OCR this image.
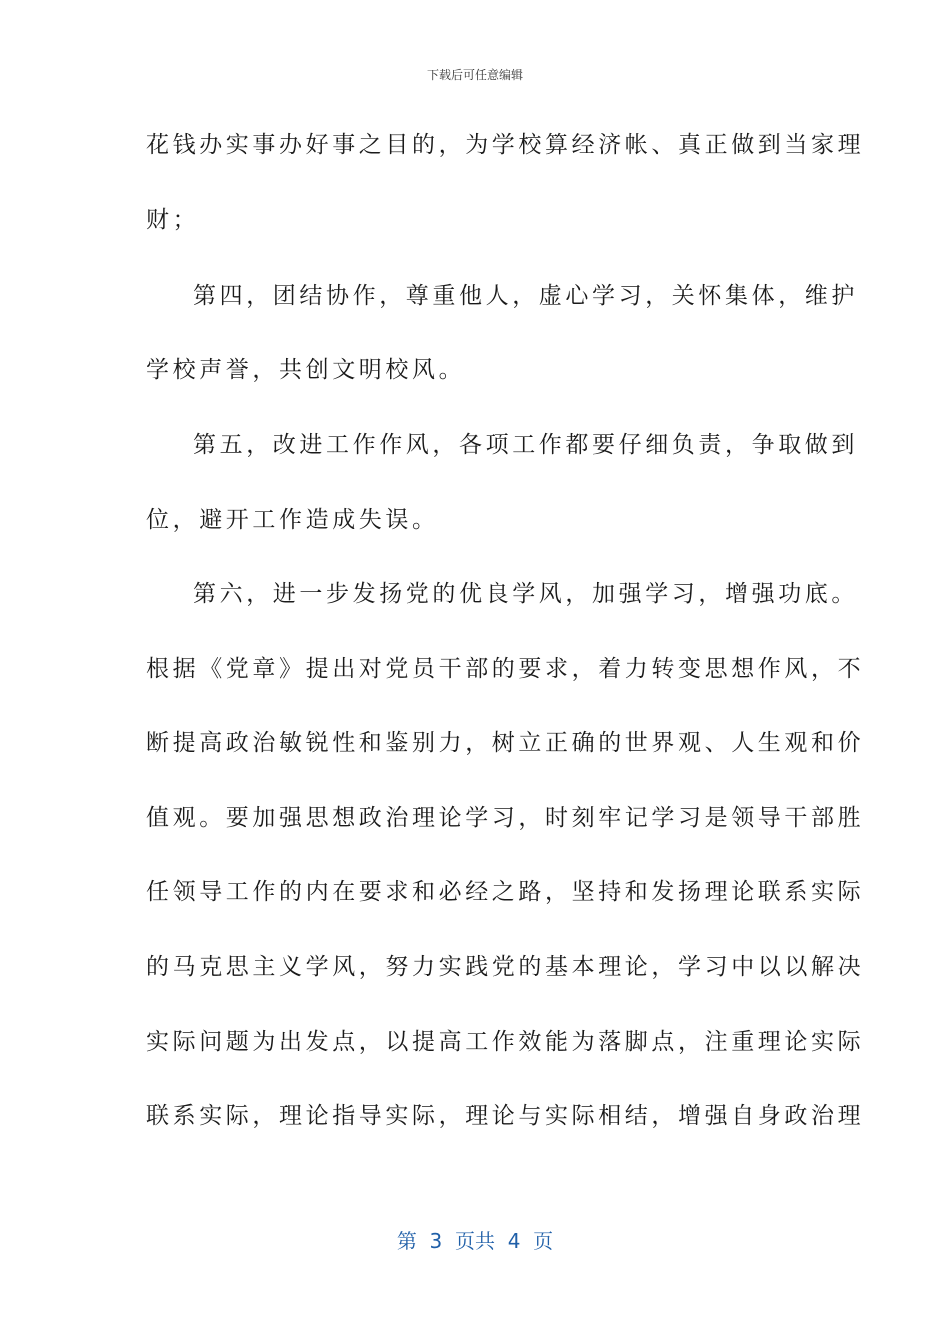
下载后可任意编辑
花钱办实事办好事之目的，为学校算经济帐、真正做到当家理
财；
第四，团结协作，尊重他人，虚心学习，关怀集体，维护
学校声誉，共创文明校风。
第五，改进工作作风，各项工作都要仔细负责，争取做到
位，避开工作造成失误。
第六，进一步发扬党的优良学风，加强学习，增强功底。
根据《党章》提出对党员干部的要求，着力转变思想作风，不
断提高政治敏锐性和鉴别力，树立正确的世界观、人生观和价
值观。要加强思想政治理论学习，时刻牢记学习是领导干部胜
任领导工作的内在要求和必经之路，坚持和发扬理论联系实际
的马克思主义学风，努力实践党的基本理论，学习中以以解决
实际问题为出发点，以提高工作效能为落脚点，注重理论实际
联系实际，理论指导实际，理论与实际相结，增强自身政治理
第  3  页共  4  页
